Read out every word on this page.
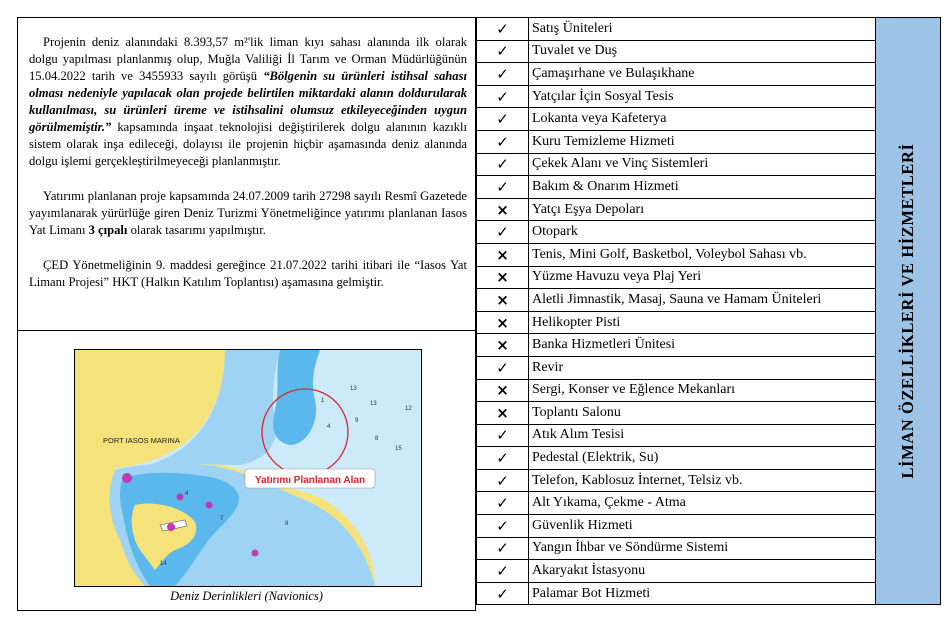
Projenin deniz alanındaki 8.393,57 m²'lik liman kıyı sahası alanında ilk olarak dolgu yapılması planlanmış olup, Muğla Valiliği İl Tarım ve Orman Müdürlüğünün 15.04.2022 tarih ve 3455933 sayılı görüşü “Bölgenin su ürünleri istihsal sahası olması nedeniyle yapılacak olan projede belirtilen miktardaki alanın doldurularak kullanılması, su ürünleri üreme ve istihsalini olumsuz etkileyeceğinden uygun görülmemiştir.” kapsamında inşaat teknolojisi değiştirilerek dolgu alanının kazıklı sistem olarak inşa edileceği, dolayısı ile projenin hiçbir aşamasında deniz alanında dolgu işlemi gerçekleştirilmeyeceği planlanmıştır.

Yatırımı planlanan proje kapsamında 24.07.2009 tarih 27298 sayılı Resmî Gazetede yayımlanarak yürürlüğe giren Deniz Turizmi Yönetmeliğince yatırımı planlanan Iasos Yat Limanı 3 çıpalı olarak tasarımı yapılmıştır.

ÇED Yönetmeliğinin 9. maddesi gereğince 21.07.2022 tarihi itibari ile “Iasos Yat Limanı Projesi” HKT (Halkın Katılım Toplantısı) aşamasına gelmiştir.

Yatırımı Planlanan Alan
PORT IASOS MARINA
1
13
13
9
15
8
4
12
4
7
9
14
Deniz Derinlikleri (Navionics)
✓	Satış Üniteleri	LİMAN ÖZELLİKLERİ VE HİZMETLERİ

✓	Tuvalet ve Duş	
✓	Çamaşırhane ve Bulaşıkhane	
✓	Yatçılar İçin Sosyal Tesis	
✓	Lokanta veya Kafeterya	
✓	Kuru Temizleme Hizmeti	
✓	Çekek Alanı ve Vinç Sistemleri	
✓	Bakım & Onarım Hizmeti	
×	Yatçı Eşya Depoları	
✓	Otopark	
×	Tenis, Mini Golf, Basketbol, Voleybol Sahası vb.	
×	Yüzme Havuzu veya Plaj Yeri	
×	Aletli Jimnastik, Masaj, Sauna ve Hamam Üniteleri	
×	Helikopter Pisti	
×	Banka Hizmetleri Ünitesi	
✓	Revir	
×	Sergi, Konser ve Eğlence Mekanları	
×	Toplantı Salonu	
✓	Atık Alım Tesisi	
✓	Pedestal (Elektrik, Su)	
✓	Telefon, Kablosuz İnternet, Telsiz vb.	
✓	Alt Yıkama, Çekme - Atma	
✓	Güvenlik Hizmeti	
✓	Yangın İhbar ve Söndürme Sistemi	
✓	Akaryakıt İstasyonu	
✓	Palamar Bot Hizmeti	
